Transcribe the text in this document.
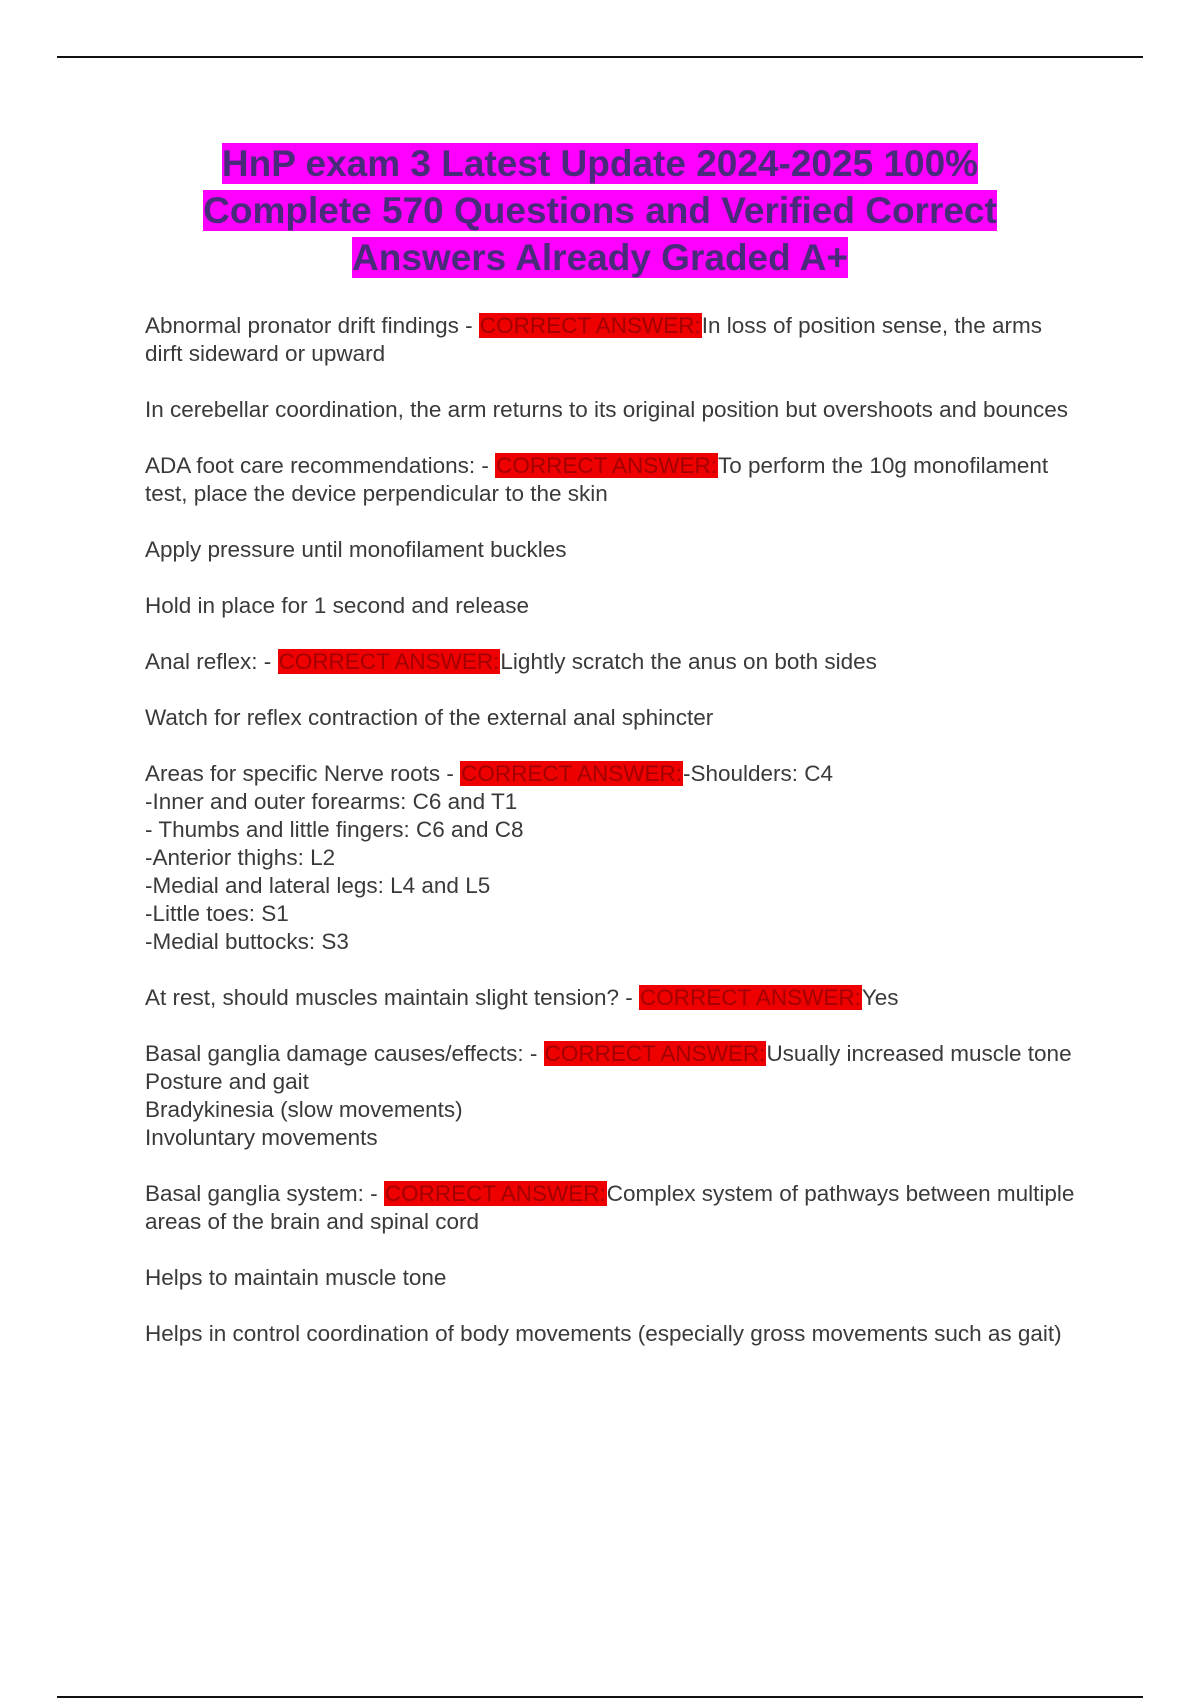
HnP exam 3 Latest Update 2024-2025 100%
Complete 570 Questions and Verified Correct
Answers Already Graded A+

Abnormal pronator drift findings - CORRECT ANSWER:In loss of position sense, the arms dirft sideward or upward

In cerebellar coordination, the arm returns to its original position but overshoots and bounces

ADA foot care recommendations: - CORRECT ANSWER:To perform the 10g monofilament test, place the device perpendicular to the skin

Apply pressure until monofilament buckles

Hold in place for 1 second and release

Anal reflex: - CORRECT ANSWER:Lightly scratch the anus on both sides

Watch for reflex contraction of the external anal sphincter

Areas for specific Nerve roots - CORRECT ANSWER:-Shoulders: C4
-Inner and outer forearms: C6 and T1
- Thumbs and little fingers: C6 and C8
-Anterior thighs: L2
-Medial and lateral legs: L4 and L5
-Little toes: S1
-Medial buttocks: S3

At rest, should muscles maintain slight tension? - CORRECT ANSWER:Yes

Basal ganglia damage causes/effects: - CORRECT ANSWER:Usually increased muscle tone
Posture and gait
Bradykinesia (slow movements)
Involuntary movements

Basal ganglia system: - CORRECT ANSWER:Complex system of pathways between multiple areas of the brain and spinal cord

Helps to maintain muscle tone

Helps in control coordination of body movements (especially gross movements such as gait)
